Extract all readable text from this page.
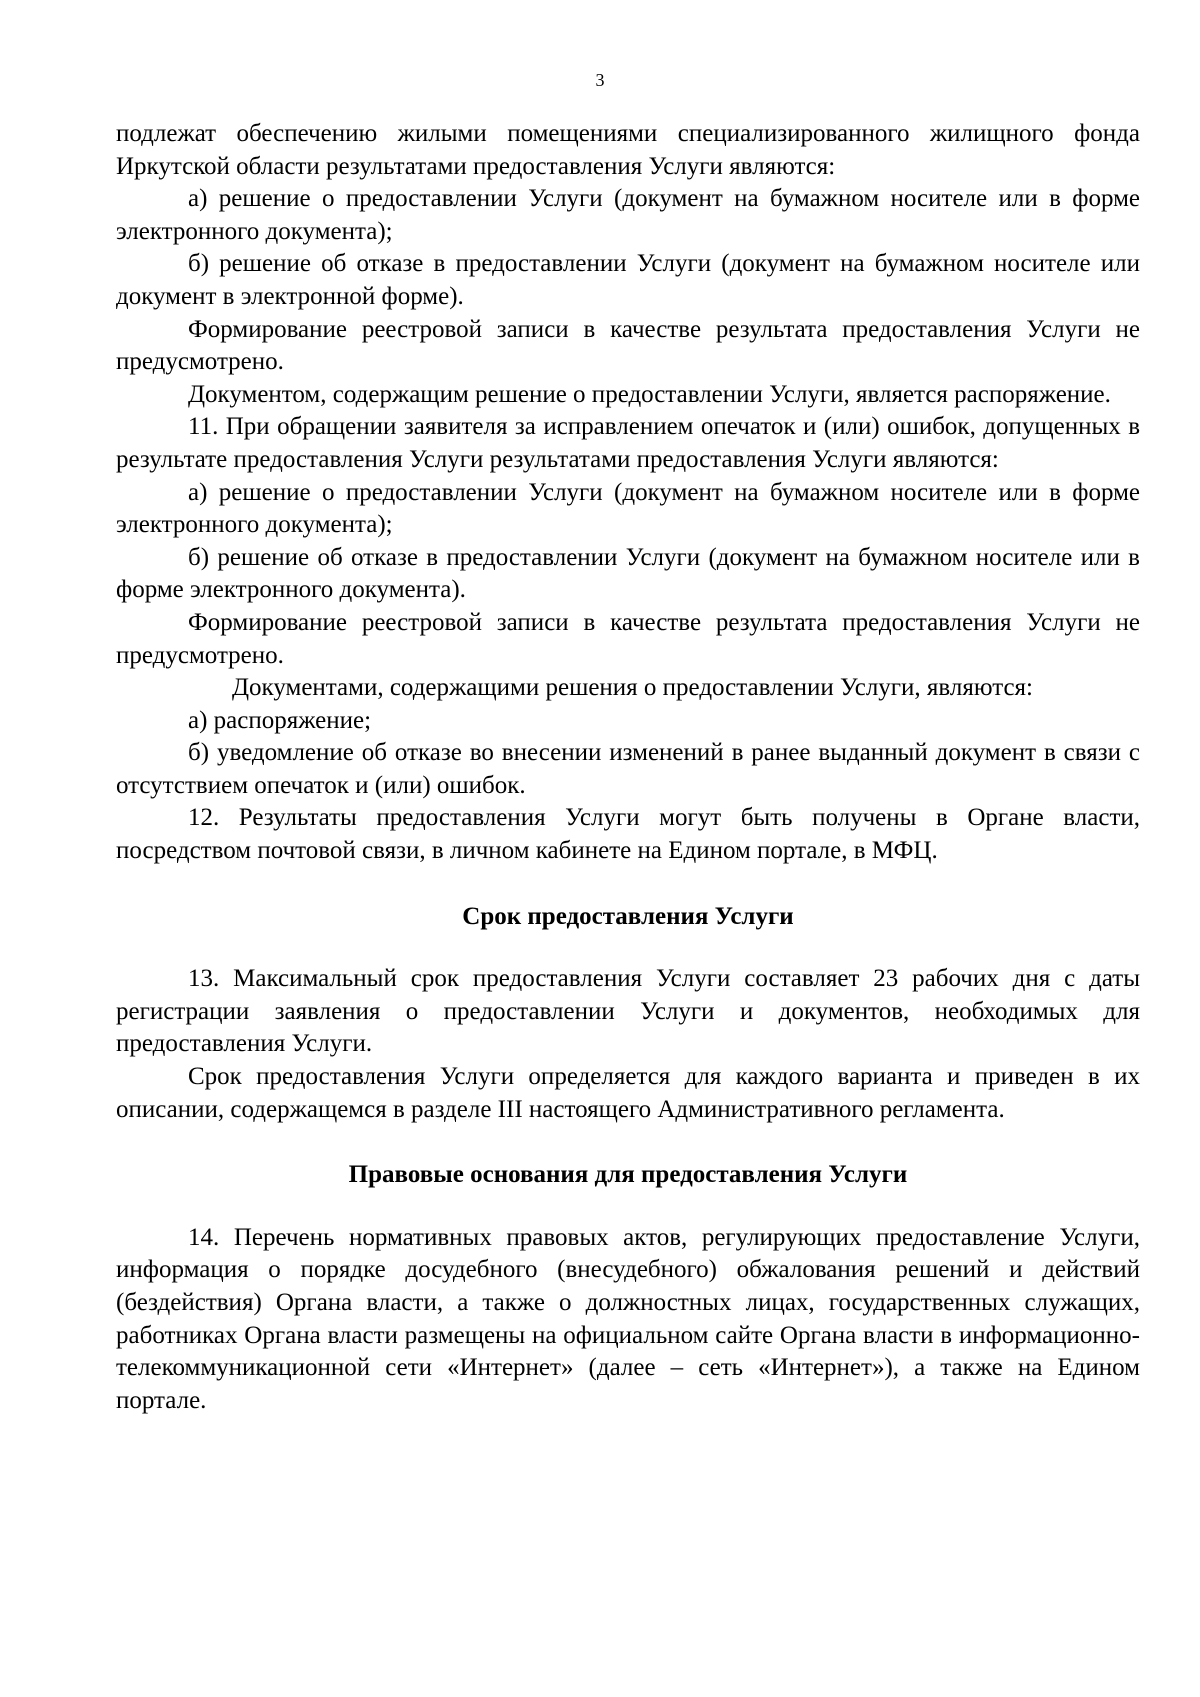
3

подлежат обеспечению жилыми помещениями специализированного жилищного фонда Иркутской области результатами предоставления Услуги являются:

а) решение о предоставлении Услуги (документ на бумажном носителе или в форме электронного документа);

б) решение об отказе в предоставлении Услуги (документ на бумажном носителе или документ в электронной форме).

Формирование реестровой записи в качестве результата предоставления Услуги не предусмотрено.

Документом, содержащим решение о предоставлении Услуги, является распоряжение.

11. При обращении заявителя за исправлением опечаток и (или) ошибок, допущенных в результате предоставления Услуги результатами предоставления Услуги являются:

а) решение о предоставлении Услуги (документ на бумажном носителе или в форме электронного документа);

б) решение об отказе в предоставлении Услуги (документ на бумажном носителе или в форме электронного документа).

Формирование реестровой записи в качестве результата предоставления Услуги не предусмотрено.

Документами, содержащими решения о предоставлении Услуги, являются:

а) распоряжение;

б) уведомление об отказе во внесении изменений в ранее выданный документ в связи с отсутствием опечаток и (или) ошибок.

12. Результаты предоставления Услуги могут быть получены в Органе власти, посредством почтовой связи, в личном кабинете на Едином портале, в МФЦ.

Срок предоставления Услуги

13. Максимальный срок предоставления Услуги составляет 23 рабочих дня с даты регистрации заявления о предоставлении Услуги и документов, необходимых для предоставления Услуги.

Срок предоставления Услуги определяется для каждого варианта и приведен в их описании, содержащемся в разделе III настоящего Административного регламента.

Правовые основания для предоставления Услуги

14. Перечень нормативных правовых актов, регулирующих предоставление Услуги, информация о порядке досудебного (внесудебного) обжалования решений и действий (бездействия) Органа власти, а также о должностных лицах, государственных служащих, работниках Органа власти размещены на официальном сайте Органа власти в информационно-телекоммуникационной сети «Интернет» (далее – сеть «Интернет»), а также на Едином портале.
